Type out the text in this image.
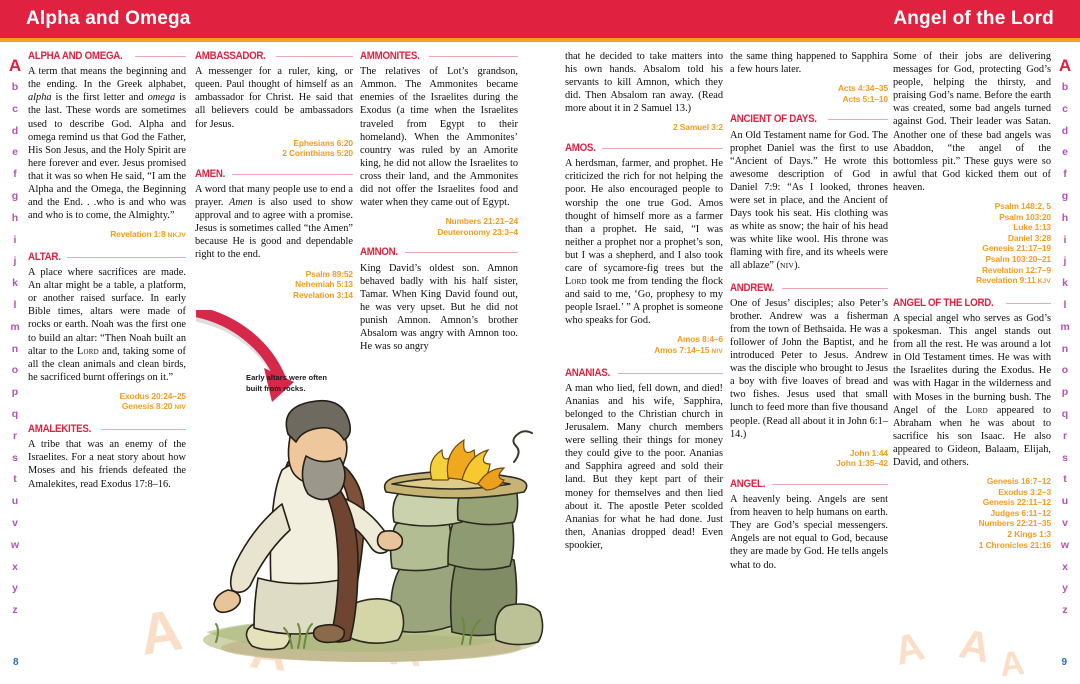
Alpha and Omega	Angel of the Lord
A
b
c
d
e
f
g
h
i
j
k
l
m
n
o
p
q
r
s
t
u
v
w
x
y
z
A
b
c
d
e
f
g
h
i
j
k
l
m
n
o
p
q
r
s
t
u
v
w
x
y
z
A	A A A
ALPHA AND OMEGA.
A term that means the beginning and the ending. In the Greek alphabet, alpha is the first letter and omega is the last. These words are sometimes used to describe God. Alpha and omega remind us that God the Father, His Son Jesus, and the Holy Spirit are here forever and ever. Jesus promised that it was so when He said, “I am the Alpha and the Omega, the Beginning and the End. . .who is and who was and who is to come, the Almighty.”
Revelation 1:8 NKJV
ALTAR.
A place where sacrifices are made. An altar might be a table, a platform, or another raised surface. In early Bible times, altars were made of rocks or earth. Noah was the first one to build an altar: “Then Noah built an altar to the Lord and, taking some of all the clean animals and clean birds, he sacrificed burnt offerings on it.”
Exodus 20:24–25
Genesis 8:20 NIV
AMALEKITES.
A tribe that was an enemy of the Israelites. For a neat story about how Moses and his friends defeated the Amalekites, read Exodus 17:8–16.
AMBASSADOR.
A messenger for a ruler, king, or queen. Paul thought of himself as an ambassador for Christ. He said that all believers could be ambassadors for Jesus.
Ephesians 6:20
2 Corinthians 5:20
AMEN.
A word that many people use to end a prayer. Amen is also used to show approval and to agree with a promise. Jesus is sometimes called “the Amen” because He is good and dependable right to the end.
Psalm 89:52
Nehemiah 5:13
Revelation 3:14
AMMONITES.
The relatives of Lot’s grandson, Ammon. The Ammonites became enemies of the Israelites during the Exodus (a time when the Israelites traveled from Egypt to their homeland). When the Ammonites’ country was ruled by an Amorite king, he did not allow the Israelites to cross their land, and the Ammonites did not offer the Israelites food and water when they came out of Egypt.
Numbers 21:21–24
Deuteronomy 23:3–4
AMNON.
King David’s oldest son. Amnon behaved badly with his half sister, Tamar. When King David found out, he was very upset. But he did not punish Amnon. Amnon’s brother Absalom was angry with Amnon too. He was so angry
that he decided to take matters into his own hands. Absalom told his servants to kill Amnon, which they did. Then Absalom ran away. (Read more about it in 2 Samuel 13.)
2 Samuel 3:2
AMOS.
A herdsman, farmer, and prophet. He criticized the rich for not helping the poor. He also encouraged people to worship the one true God. Amos thought of himself more as a farmer than a prophet. He said, “I was neither a prophet nor a prophet’s son, but I was a shepherd, and I also took care of sycamore-fig trees but the Lord took me from tending the flock and said to me, ‘Go, prophesy to my people Israel.’ ” A prophet is someone who speaks for God.
Amos 8:4–6
Amos 7:14–15 NIV
ANANIAS.
A man who lied, fell down, and died! Ananias and his wife, Sapphira, belonged to the Christian church in Jerusalem. Many church members were selling their things for money they could give to the poor. Ananias and Sapphira agreed and sold their land. But they kept part of their money for themselves and then lied about it. The apostle Peter scolded Ananias for what he had done. Just then, Ananias dropped dead! Even spookier,
the same thing happened to Sapphira a few hours later.
Acts 4:34–35
Acts 5:1–10
ANCIENT OF DAYS.
An Old Testament name for God. The prophet Daniel was the first to use “Ancient of Days.” He wrote this awesome description of God in Daniel 7:9: “As I looked, thrones were set in place, and the Ancient of Days took his seat. His clothing was as white as snow; the hair of his head was white like wool. His throne was flaming with fire, and its wheels were all ablaze” (NIV).
ANDREW.
One of Jesus’ disciples; also Peter’s brother. Andrew was a fisherman from the town of Bethsaida. He was a follower of John the Baptist, and he introduced Peter to Jesus. Andrew was the disciple who brought to Jesus a boy with five loaves of bread and two fishes. Jesus used that small lunch to feed more than five thousand people. (Read all about it in John 6:1–14.)
John 1:44
John 1:35–42
ANGEL.
A heavenly being. Angels are sent from heaven to help humans on earth. They are God’s special messengers. Angels are not equal to God, because they are made by God. He tells angels what to do.
Some of their jobs are delivering messages for God, protecting God’s people, helping the thirsty, and praising God’s name. Before the earth was created, some bad angels turned against God. Their leader was Satan. Another one of these bad angels was Abaddon, “the angel of the bottomless pit.” These guys were so awful that God kicked them out of heaven.
Psalm 148:2, 5
Psalm 103:20
Luke 1:13
Daniel 3:28
Genesis 21:17–19
Psalm 103:20–21
Revelation 12:7–9
Revelation 9:11 KJV
ANGEL OF THE LORD.
A special angel who serves as God’s spokesman. This angel stands out from all the rest. He was around a lot in Old Testament times. He was with the Israelites during the Exodus. He was with Hagar in the wilderness and with Moses in the burning bush. The Angel of the Lord appeared to Abraham when he was about to sacrifice his son Isaac. He also appeared to Gideon, Balaam, Elijah, David, and others.
Genesis 16:7–12
Exodus 3:2–3
Genesis 22:11–12
Judges 6:11–12
Numbers 22:21–35
2 Kings 1:3
1 Chronicles 21:16
Early altars were often
built from rocks.
8	9
